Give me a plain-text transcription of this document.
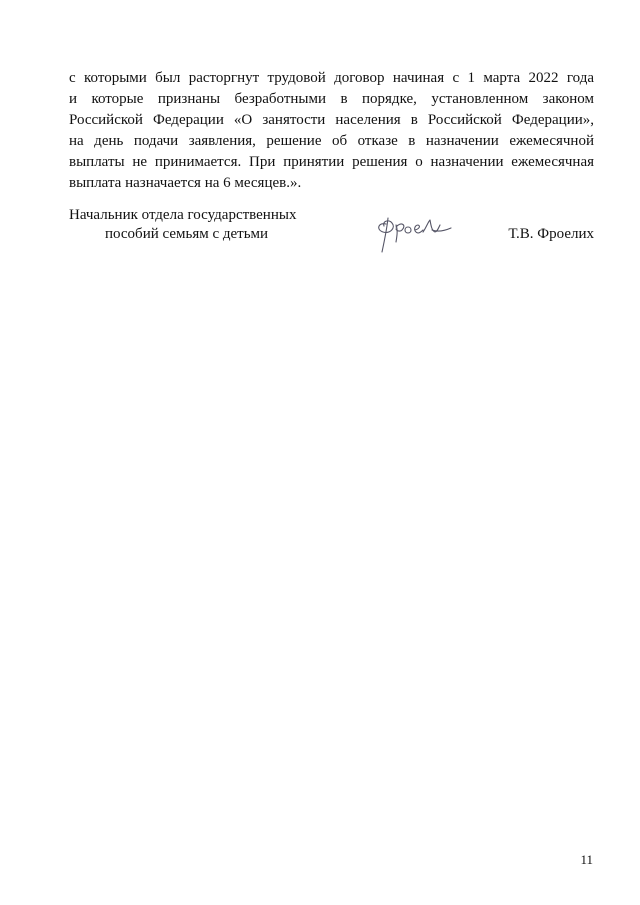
с которыми был расторгнут трудовой договор начиная с 1 марта 2022 года
и которые признаны безработными в порядке, установленном законом
Российской Федерации «О занятости населения в Российской Федерации»,
на день подачи заявления, решение об отказе в назначении ежемесячной
выплаты не принимается. При принятии решения о назначении ежемесячная
выплата назначается на 6 месяцев.».
Начальник отдела государственных
пособий семьям с детьми	Т.В. Фроелих
11
